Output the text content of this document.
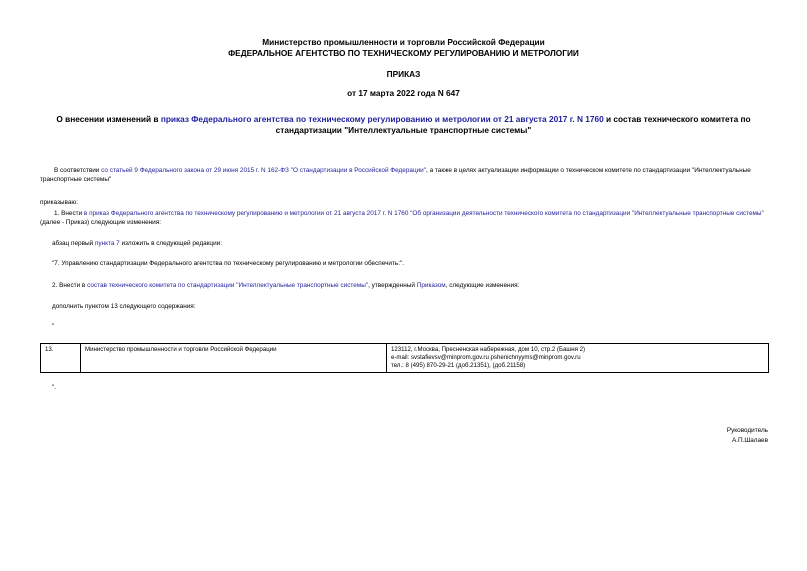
Министерство промышленности и торговли Российской Федерации
ФЕДЕРАЛЬНОЕ АГЕНТСТВО ПО ТЕХНИЧЕСКОМУ РЕГУЛИРОВАНИЮ И МЕТРОЛОГИИ
ПРИКАЗ
от 17 марта 2022 года N 647
О внесении изменений в приказ Федерального агентства по техническому регулированию и метрологии от 21 августа 2017 г. N 1760 и состав технического комитета по стандартизации "Интеллектуальные транспортные системы"
В соответствии со статьей 9 Федерального закона от 29 июня 2015 г. N 162-ФЗ "О стандартизации в Российской Федерации", а также в целях актуализации информации о техническом комитете по стандартизации "Интеллектуальные транспортные системы"
приказываю:
1. Внести в приказ Федерального агентства по техническому регулированию и метрологии от 21 августа 2017 г. N 1760 "Об организации деятельности технического комитета по стандартизации "Интеллектуальные транспортные системы" (далее - Приказ) следующие изменения:
абзац первый пункта 7 изложить в следующей редакции:
"7. Управлению стандартизации Федерального агентства по техническому регулированию и метрологии обеспечить:".
2. Внести в состав технического комитета по стандартизации "Интеллектуальные транспортные системы", утвержденный Приказом, следующие изменения:
дополнить пунктом 13 следующего содержания:
"
13.	Министерство промышленности и торговли Российской Федерации	123112, г.Москва, Пресненская набережная, дом 10, стр.2 (Башня 2)
e-mail: svstafievsv@minprom.gov.ru pshenichnyyms@minprom.gov.ru
тел.: 8 (495) 870-29-21 (доб.21351), (доб.21158)
".
Руководитель
А.П.Шалаев
